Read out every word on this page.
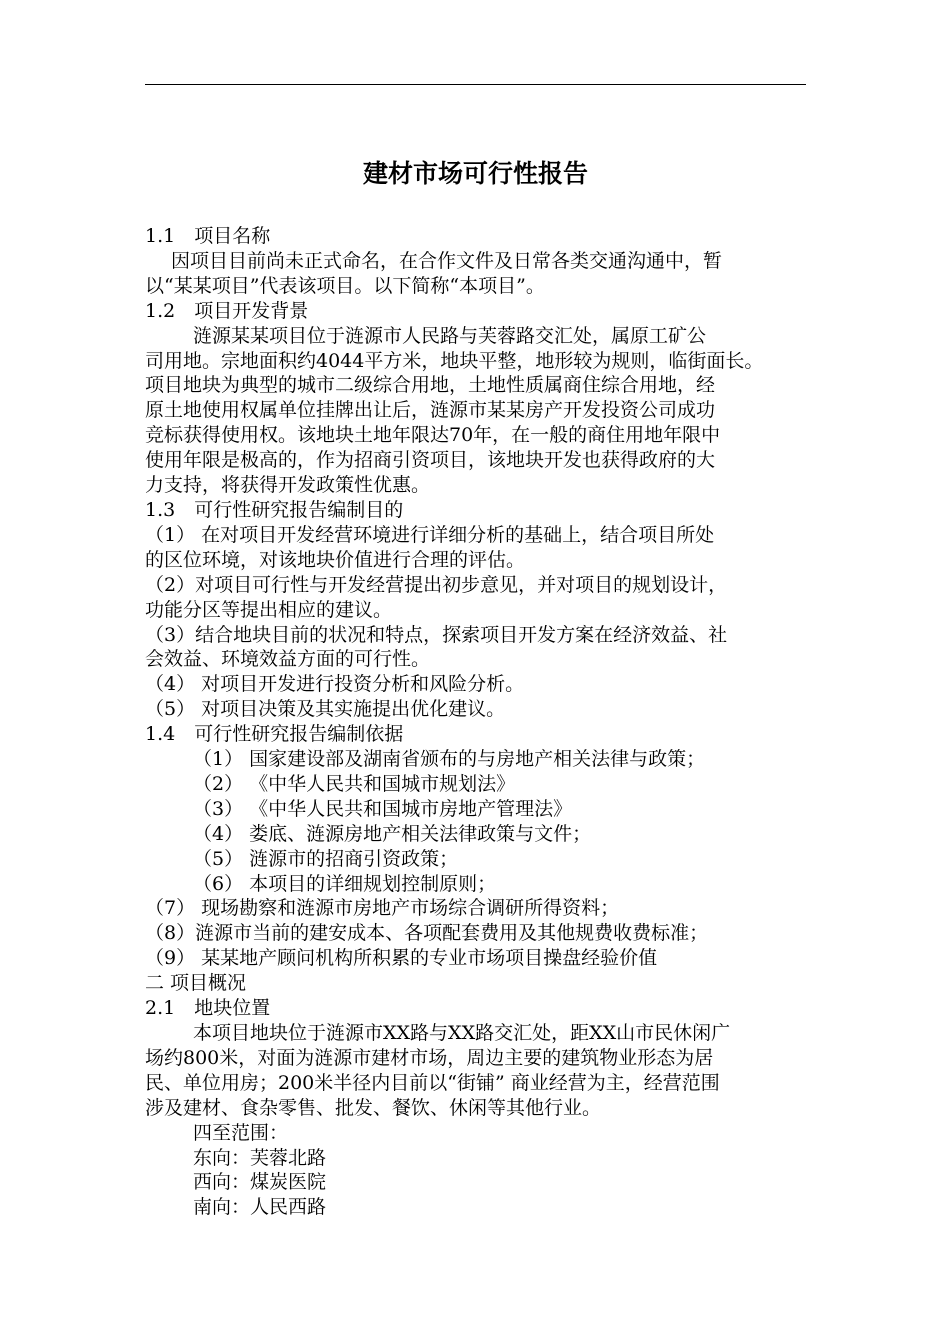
建材市场可行性报告
1.1　项目名称
因项目目前尚未正式命名，在合作文件及日常各类交通沟通中，暂
以“某某项目”代表该项目。以下简称“本项目”。
1.2　项目开发背景
涟源某某项目位于涟源市人民路与芙蓉路交汇处，属原工矿公
司用地。宗地面积约4044平方米，地块平整，地形较为规则，临街面长。
项目地块为典型的城市二级综合用地，土地性质属商住综合用地，经
原土地使用权属单位挂牌出让后，涟源市某某房产开发投资公司成功
竞标获得使用权。该地块土地年限达70年，在一般的商住用地年限中
使用年限是极高的，作为招商引资项目，该地块开发也获得政府的大
力支持，将获得开发政策性优惠。
1.3　可行性研究报告编制目的
（1） 在对项目开发经营环境进行详细分析的基础上，结合项目所处
的区位环境，对该地块价值进行合理的评估。
（2）对项目可行性与开发经营提出初步意见，并对项目的规划设计，
功能分区等提出相应的建议。
（3）结合地块目前的状况和特点，探索项目开发方案在经济效益、社
会效益、环境效益方面的可行性。
（4） 对项目开发进行投资分析和风险分析。
（5） 对项目决策及其实施提出优化建议。
1.4　可行性研究报告编制依据
（1） 国家建设部及湖南省颁布的与房地产相关法律与政策；
（2） 《中华人民共和国城市规划法》
（3） 《中华人民共和国城市房地产管理法》
（4） 娄底、涟源房地产相关法律政策与文件；
（5） 涟源市的招商引资政策；
（6） 本项目的详细规划控制原则；
（7） 现场勘察和涟源市房地产市场综合调研所得资料；
（8）涟源市当前的建安成本、各项配套费用及其他规费收费标准；
（9） 某某地产顾问机构所积累的专业市场项目操盘经验价值
二 项目概况
2.1　地块位置
本项目地块位于涟源市XX路与XX路交汇处，距XX山市民休闲广
场约800米，对面为涟源市建材市场，周边主要的建筑物业形态为居
民、单位用房；200米半径内目前以“街铺” 商业经营为主，经营范围
涉及建材、食杂零售、批发、餐饮、休闲等其他行业。
四至范围：
东向：芙蓉北路
西向：煤炭医院
南向：人民西路
